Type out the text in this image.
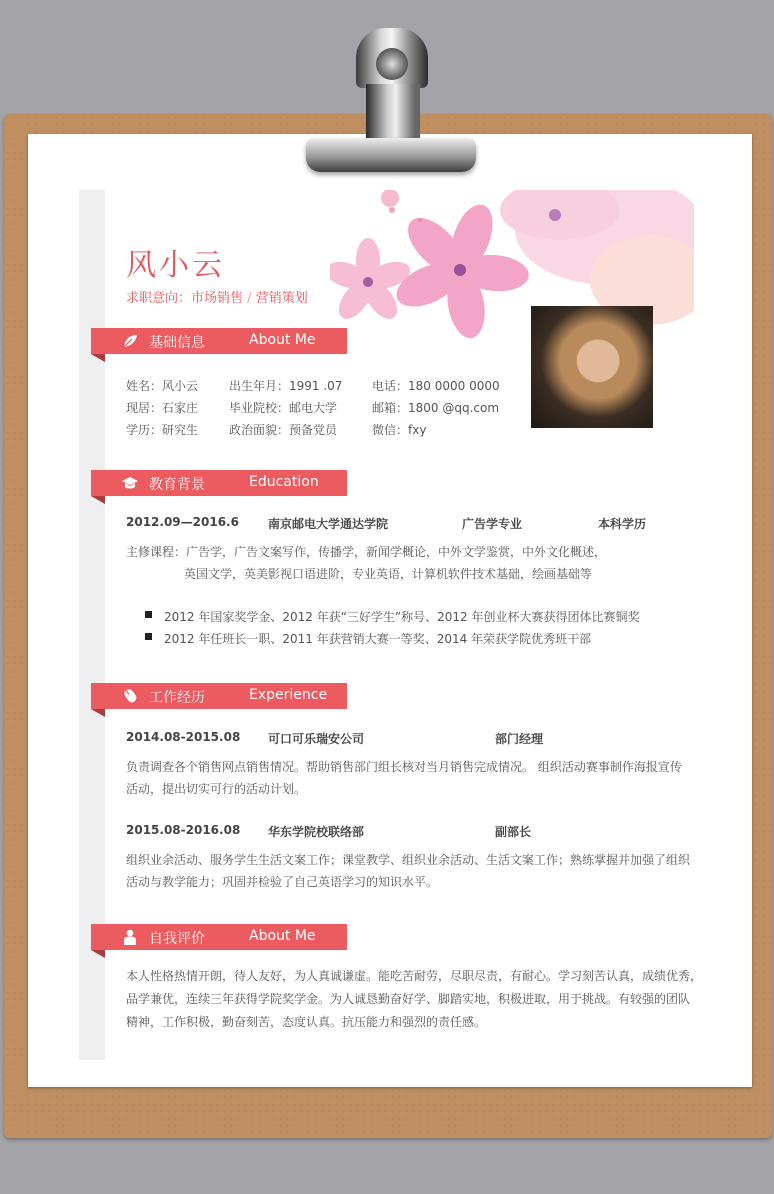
风小云

求职意向：市场销售 / 营销策划

基础信息	About Me

姓名：风小云	出生年月：1991 .07 电话：180 0000 0000

现居：石家庄	毕业院校：邮电大学	邮箱：1800 @qq.com

学历：研究生	政治面貌：预备党员	微信：fxy

教育背景	Education

2012.09—2016.6 南京邮电大学通达学院	广告学专业	本科学历

主修课程：广告学，广告文案写作，传播学，新闻学概论，中外文学鉴赏，中外文化概述，

英国文学，英美影视口语进阶，专业英语，计算机软件技术基础，绘画基础等

2012 年国家奖学金、2012 年获“三好学生”称号、2012 年创业杯大赛获得团体比赛铜奖

2012 年任班长一职、2011 年获营销大赛一等奖、2014 年荣获学院优秀班干部

工作经历	Experience

2014.08-2015.08 可口可乐瑞安公司	部门经理

负责调查各个销售网点销售情况。帮助销售部门组长核对当月销售完成情况。 组织活动赛事制作海报宣传

活动，提出切实可行的活动计划。

2015.08-2016.08 华东学院校联络部	副部长

组织业余活动、服务学生生活文案工作；课堂教学、组织业余活动、生活文案工作；熟练掌握并加强了组织

活动与教学能力；巩固并检验了自己英语学习的知识水平。

自我评价	About Me

本人性格热情开朗，待人友好，为人真诚谦虚。能吃苦耐劳，尽职尽责，有耐心。学习刻苦认真，成绩优秀，

品学兼优，连续三年获得学院奖学金。为人诚恳勤奋好学、脚踏实地，积极进取，用于挑战。有较强的团队

精神，工作积极，勤奋刻苦，态度认真。抗压能力和强烈的责任感。
